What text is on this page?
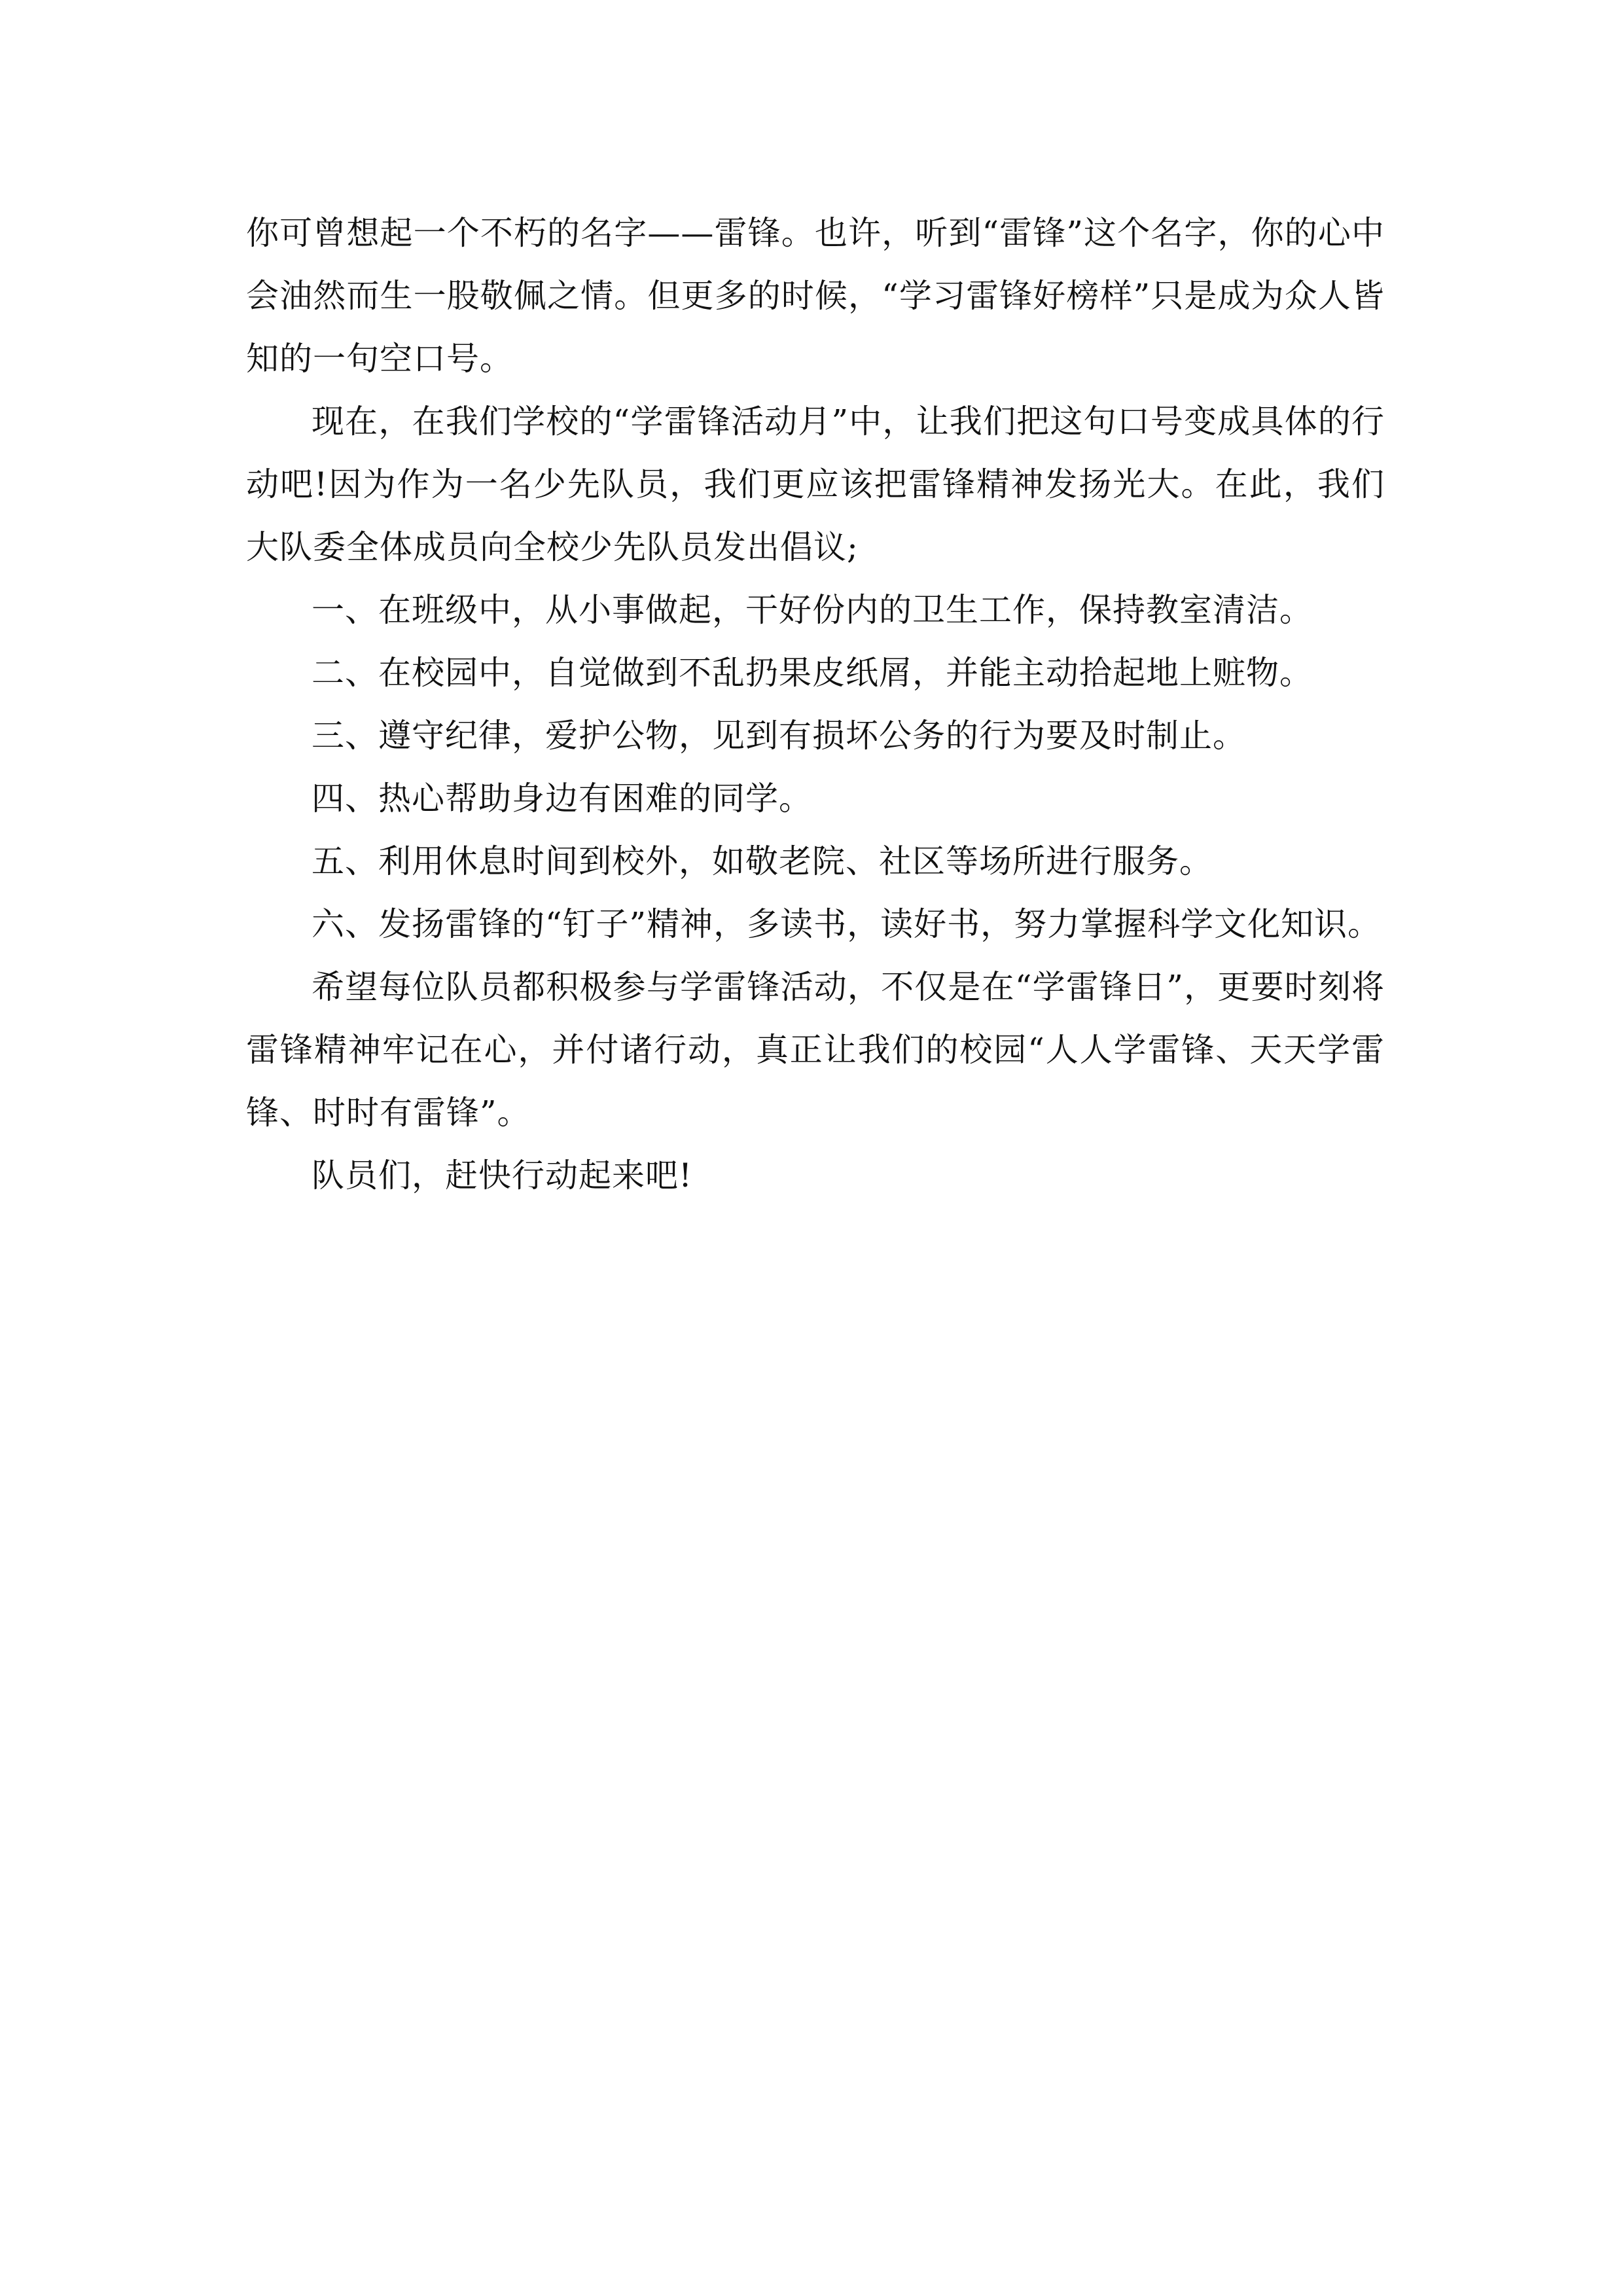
你可曾想起一个不朽的名字——雷锋。也许，听到“雷锋”这个名字，你的心中会油然而生一股敬佩之情。但更多的时候，“学习雷锋好榜样”只是成为众人皆知的一句空口号。

现在，在我们学校的“学雷锋活动月”中，让我们把这句口号变成具体的行动吧!因为作为一名少先队员，我们更应该把雷锋精神发扬光大。在此，我们大队委全体成员向全校少先队员发出倡议;

一、在班级中，从小事做起，干好份内的卫生工作，保持教室清洁。

二、在校园中，自觉做到不乱扔果皮纸屑，并能主动拾起地上赃物。

三、遵守纪律，爱护公物，见到有损坏公务的行为要及时制止。

四、热心帮助身边有困难的同学。

五、利用休息时间到校外，如敬老院、社区等场所进行服务。

六、发扬雷锋的“钉子”精神，多读书，读好书，努力掌握科学文化知识。

希望每位队员都积极参与学雷锋活动，不仅是在“学雷锋日”，更要时刻将雷锋精神牢记在心，并付诸行动，真正让我们的校园“人人学雷锋、天天学雷锋、时时有雷锋”。

队员们，赶快行动起来吧!
